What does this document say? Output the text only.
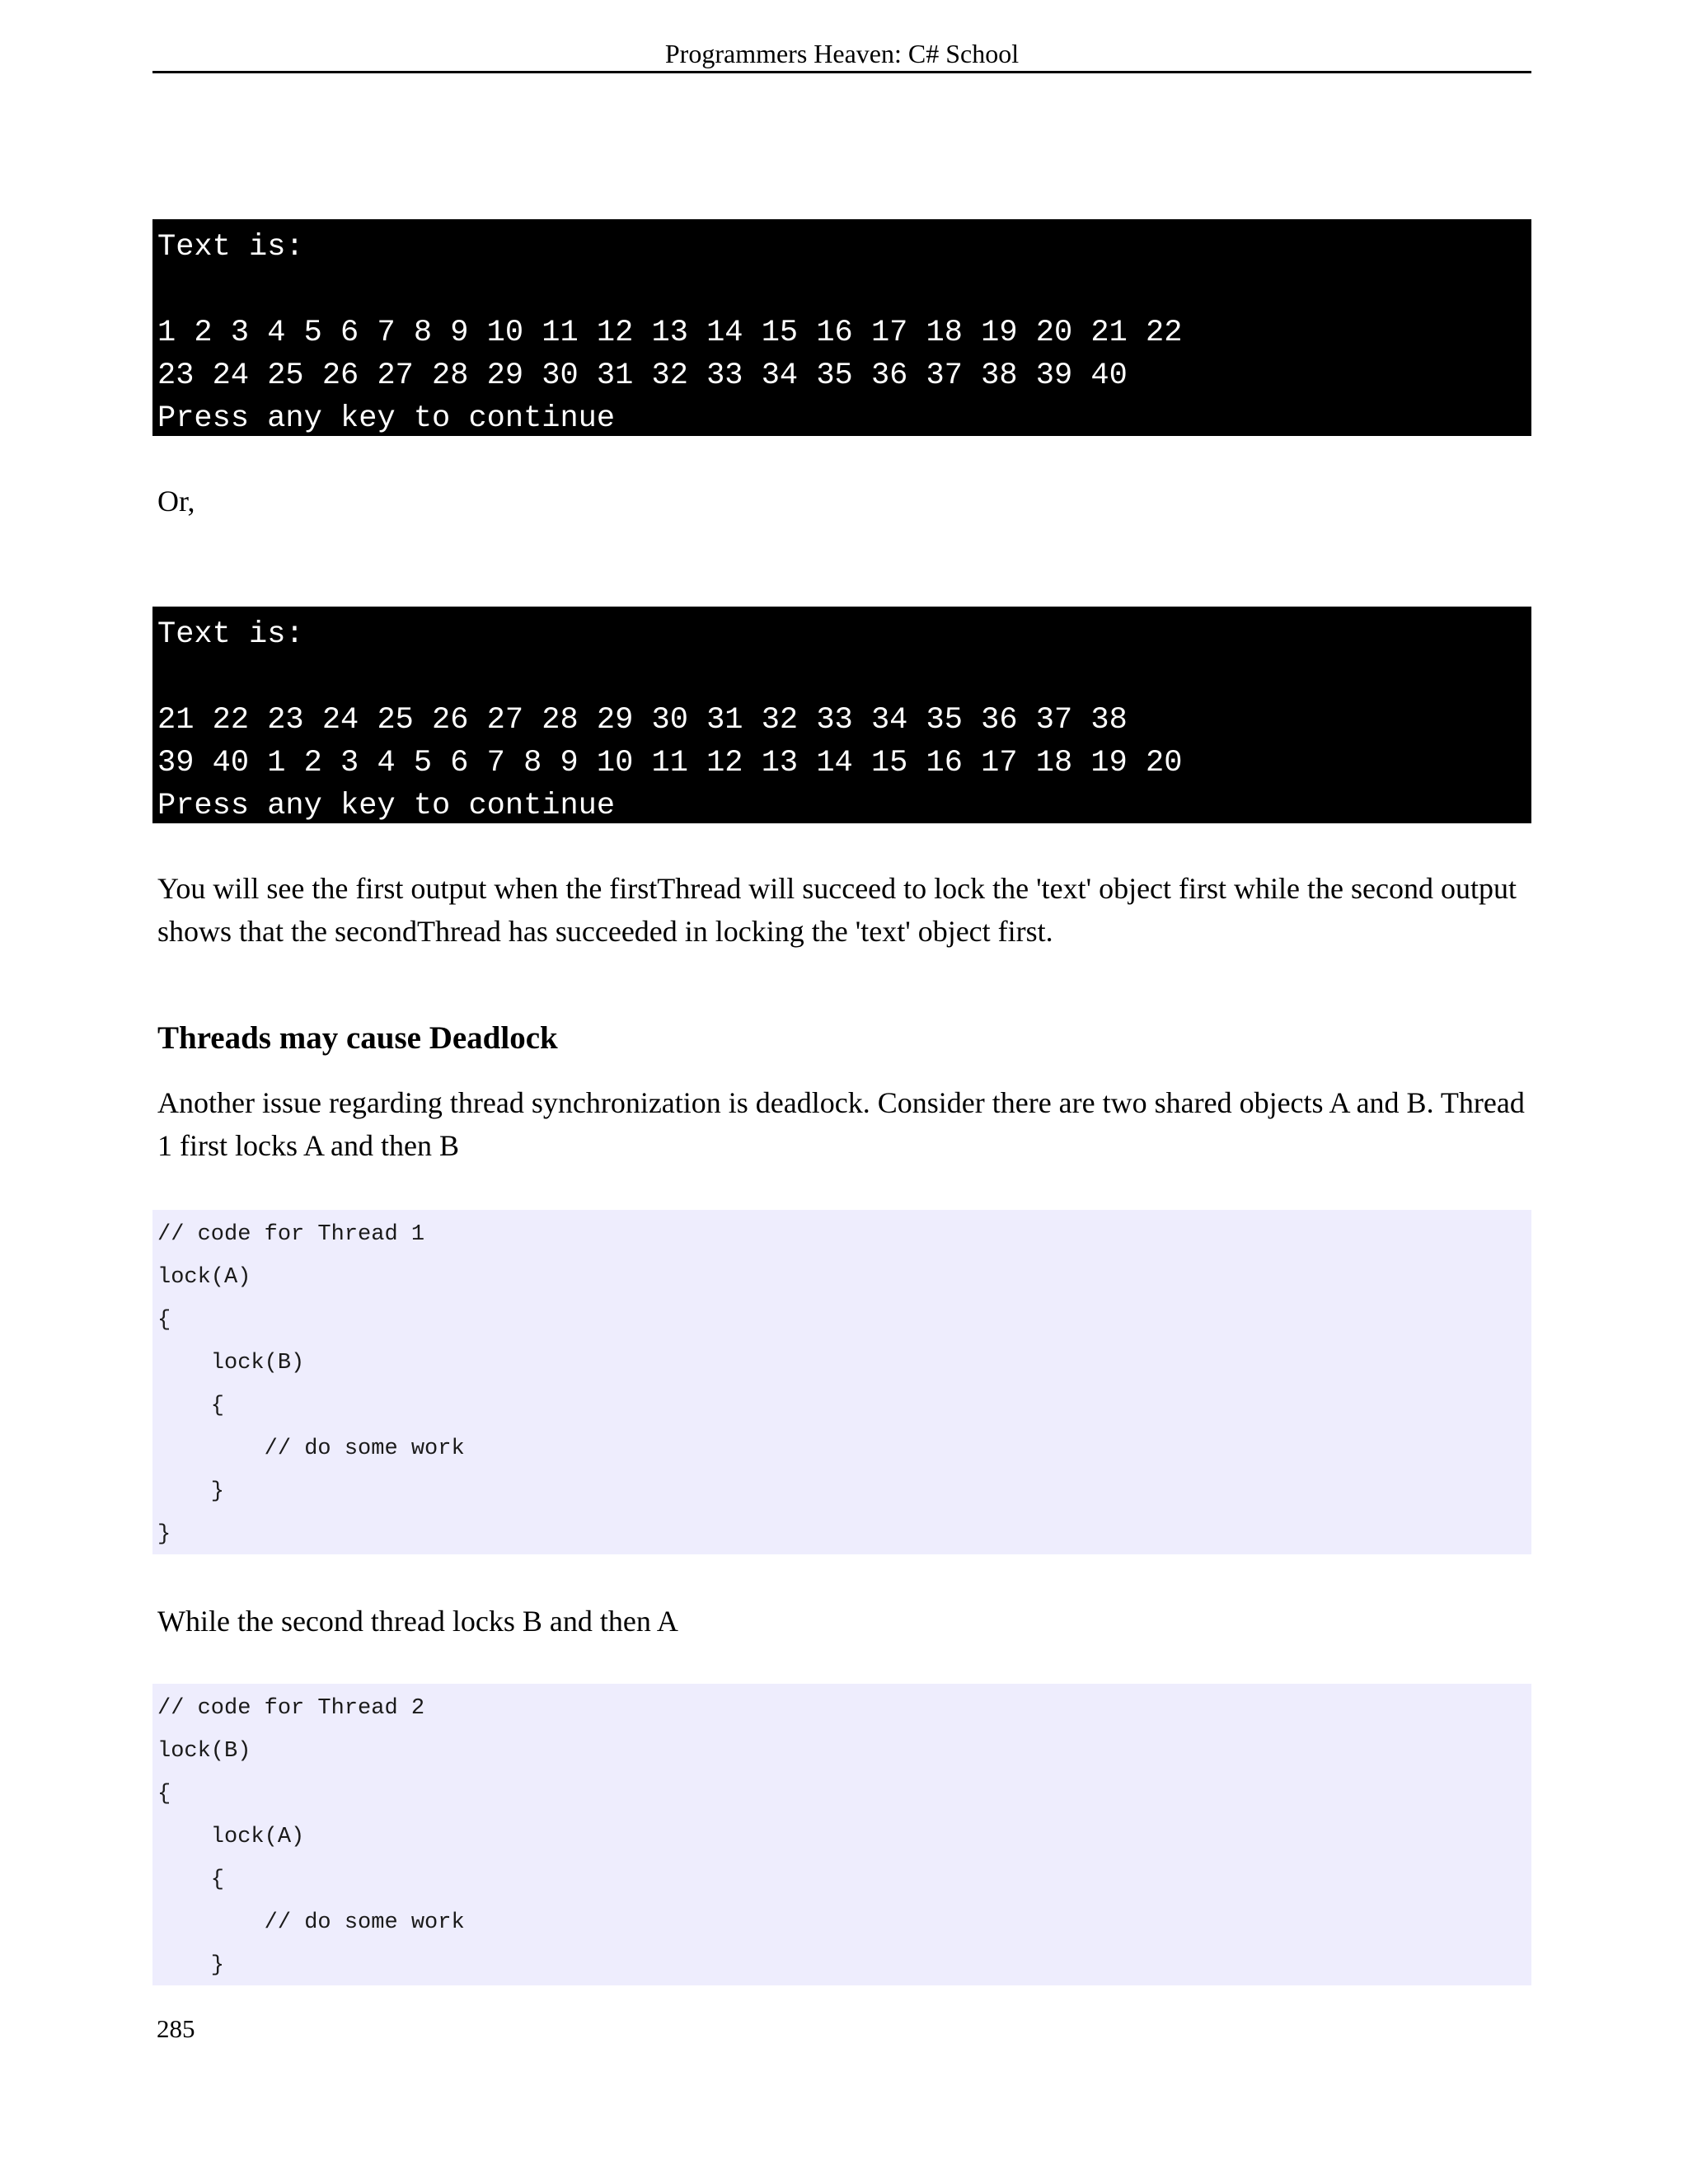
Programmers Heaven: C# School
Text is:
1 2 3 4 5 6 7 8 9 10 11 12 13 14 15 16 17 18 19 20 21 22
23 24 25 26 27 28 29 30 31 32 33 34 35 36 37 38 39 40
Press any key to continue

Or,

Text is:
21 22 23 24 25 26 27 28 29 30 31 32 33 34 35 36 37 38
39 40 1 2 3 4 5 6 7 8 9 10 11 12 13 14 15 16 17 18 19 20
Press any key to continue

You will see the first output when the firstThread will succeed to lock the 'text' object first while the second output shows that the secondThread has succeeded in locking the 'text' object first.

Threads may cause Deadlock

Another issue regarding thread synchronization is deadlock. Consider there are two shared objects A and B. Thread 1 first locks A and then B

// code for Thread 1
lock(A)
{
lock(B)
{
// do some work
}
}

While the second thread locks B and then A

// code for Thread 2
lock(B)
{
lock(A)
{
// do some work
}
285
